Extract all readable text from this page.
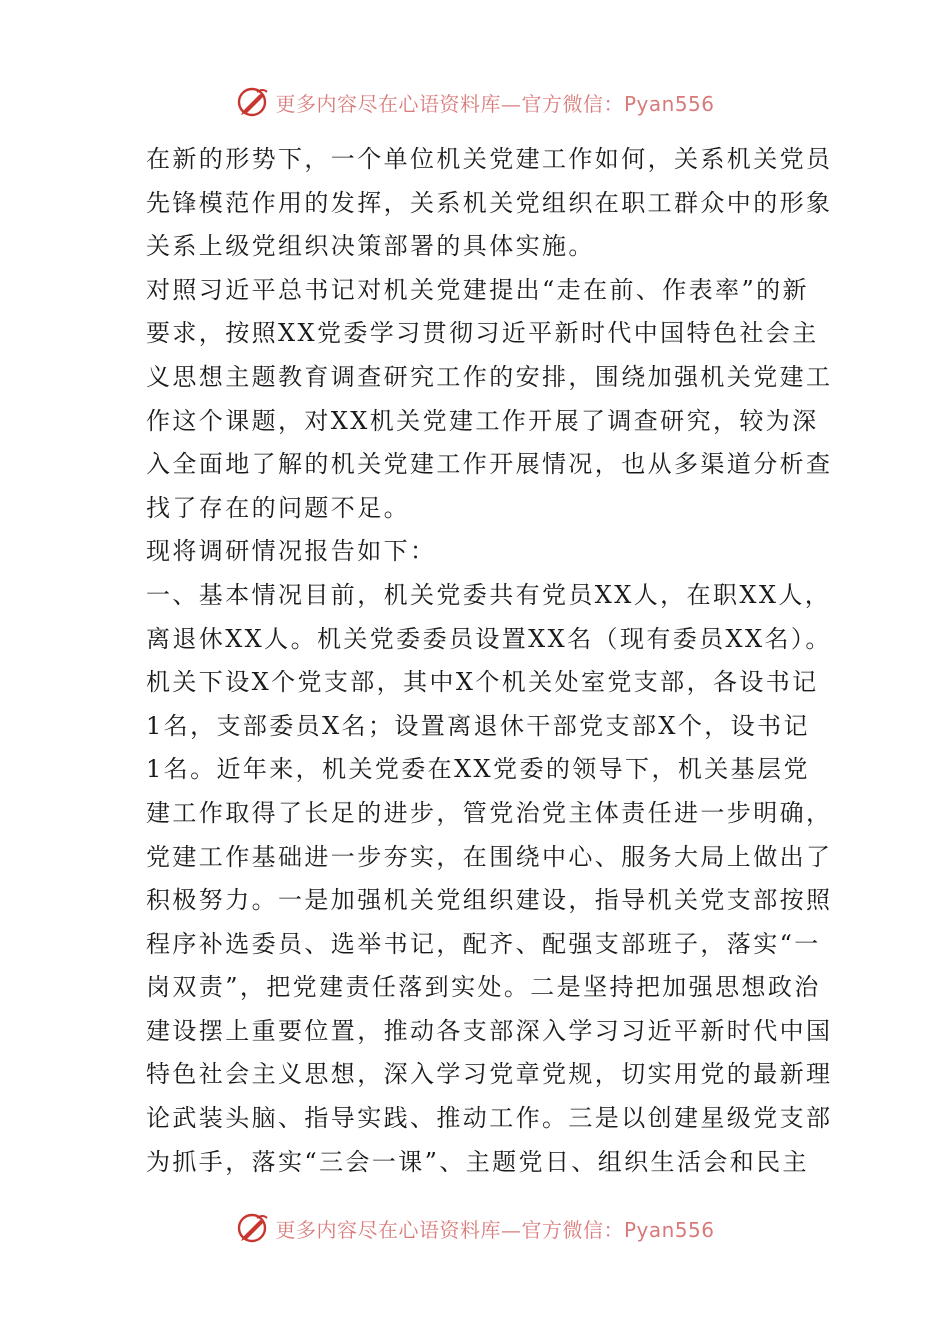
更多内容尽在心语资料库—官方微信：Pyan556
在新的形势下，一个单位机关党建工作如何，关系机关党员
先锋模范作用的发挥，关系机关党组织在职工群众中的形象
关系上级党组织决策部署的具体实施。
对照习近平总书记对机关党建提出“走在前、作表率”的新
要求，按照XX党委学习贯彻习近平新时代中国特色社会主
义思想主题教育调查研究工作的安排，围绕加强机关党建工
作这个课题，对XX机关党建工作开展了调查研究，较为深
入全面地了解的机关党建工作开展情况，也从多渠道分析查
找了存在的问题不足。
现将调研情况报告如下：
一、基本情况目前，机关党委共有党员XX人，在职XX人，
离退休XX人。机关党委委员设置XX名（现有委员XX名）。
机关下设X个党支部，其中X个机关处室党支部，各设书记
1名，支部委员X名；设置离退休干部党支部X个，设书记
1名。近年来，机关党委在XX党委的领导下，机关基层党
建工作取得了长足的进步，管党治党主体责任进一步明确，
党建工作基础进一步夯实，在围绕中心、服务大局上做出了
积极努力。一是加强机关党组织建设，指导机关党支部按照
程序补选委员、选举书记，配齐、配强支部班子，落实“一
岗双责”，把党建责任落到实处。二是坚持把加强思想政治
建设摆上重要位置，推动各支部深入学习习近平新时代中国
特色社会主义思想，深入学习党章党规，切实用党的最新理
论武装头脑、指导实践、推动工作。三是以创建星级党支部
为抓手，落实“三会一课”、主题党日、组织生活会和民主
更多内容尽在心语资料库—官方微信：Pyan556
